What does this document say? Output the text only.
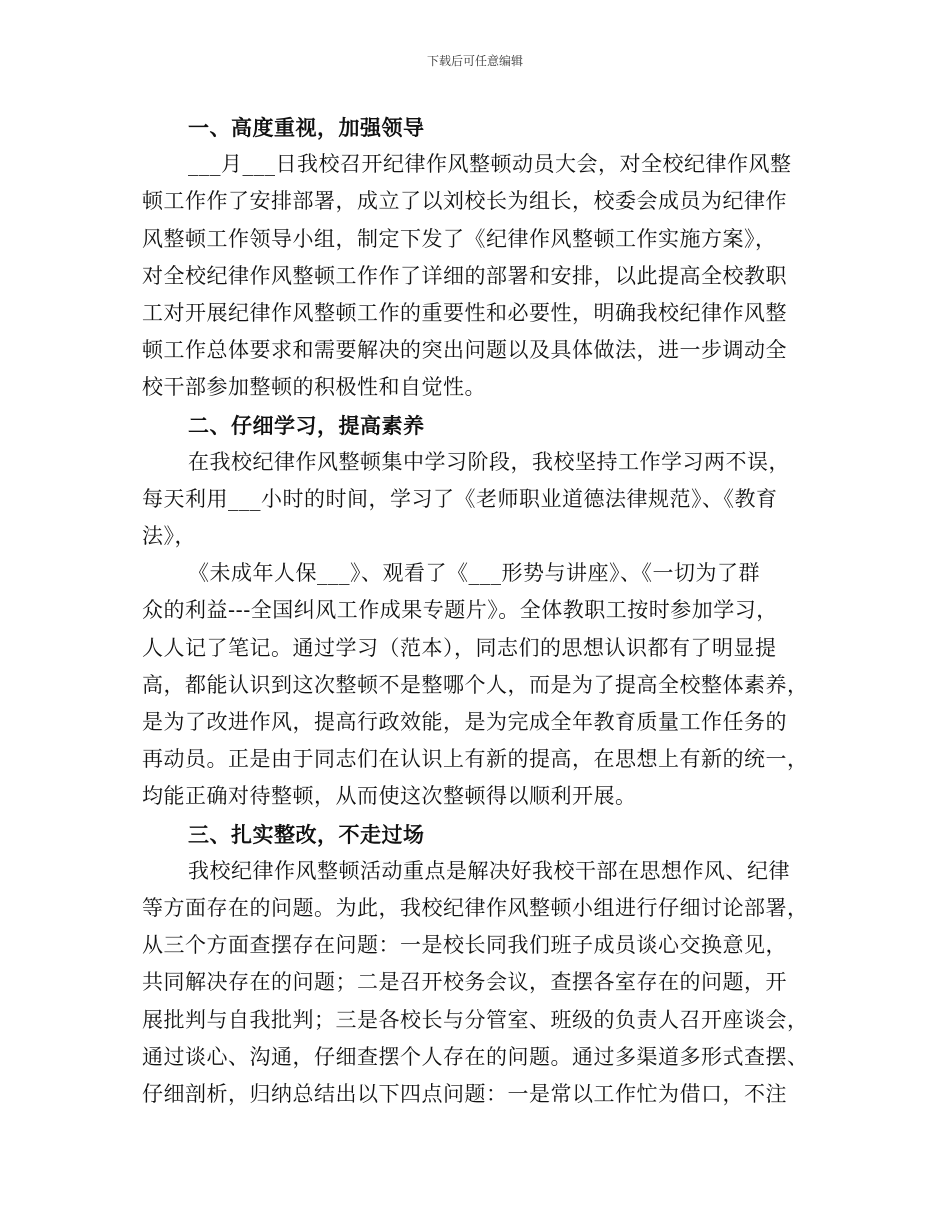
下载后可任意编辑
一、高度重视，加强领导
___月___日我校召开纪律作风整顿动员大会，对全校纪律作风整
顿工作作了安排部署，成立了以刘校长为组长，校委会成员为纪律作
风整顿工作领导小组，制定下发了《纪律作风整顿工作实施方案》，
对全校纪律作风整顿工作作了详细的部署和安排，以此提高全校教职
工对开展纪律作风整顿工作的重要性和必要性，明确我校纪律作风整
顿工作总体要求和需要解决的突出问题以及具体做法，进一步调动全
校干部参加整顿的积极性和自觉性。
二、仔细学习，提高素养
在我校纪律作风整顿集中学习阶段，我校坚持工作学习两不误，
每天利用___小时的时间，学习了《老师职业道德法律规范》、《教育
法》，
《未成年人保___》、观看了《___形势与讲座》、《一切为了群
众的利益---全国纠风工作成果专题片》。全体教职工按时参加学习，
人人记了笔记。通过学习（范本），同志们的思想认识都有了明显提
高，都能认识到这次整顿不是整哪个人，而是为了提高全校整体素养，
是为了改进作风，提高行政效能，是为完成全年教育质量工作任务的
再动员。正是由于同志们在认识上有新的提高，在思想上有新的统一，
均能正确对待整顿，从而使这次整顿得以顺利开展。
三、扎实整改，不走过场
我校纪律作风整顿活动重点是解决好我校干部在思想作风、纪律
等方面存在的问题。为此，我校纪律作风整顿小组进行仔细讨论部署，
从三个方面查摆存在问题：一是校长同我们班子成员谈心交换意见，
共同解决存在的问题；二是召开校务会议，查摆各室存在的问题，开
展批判与自我批判；三是各校长与分管室、班级的负责人召开座谈会，
通过谈心、沟通，仔细查摆个人存在的问题。通过多渠道多形式查摆、
仔细剖析，归纳总结出以下四点问题：一是常以工作忙为借口，不注
